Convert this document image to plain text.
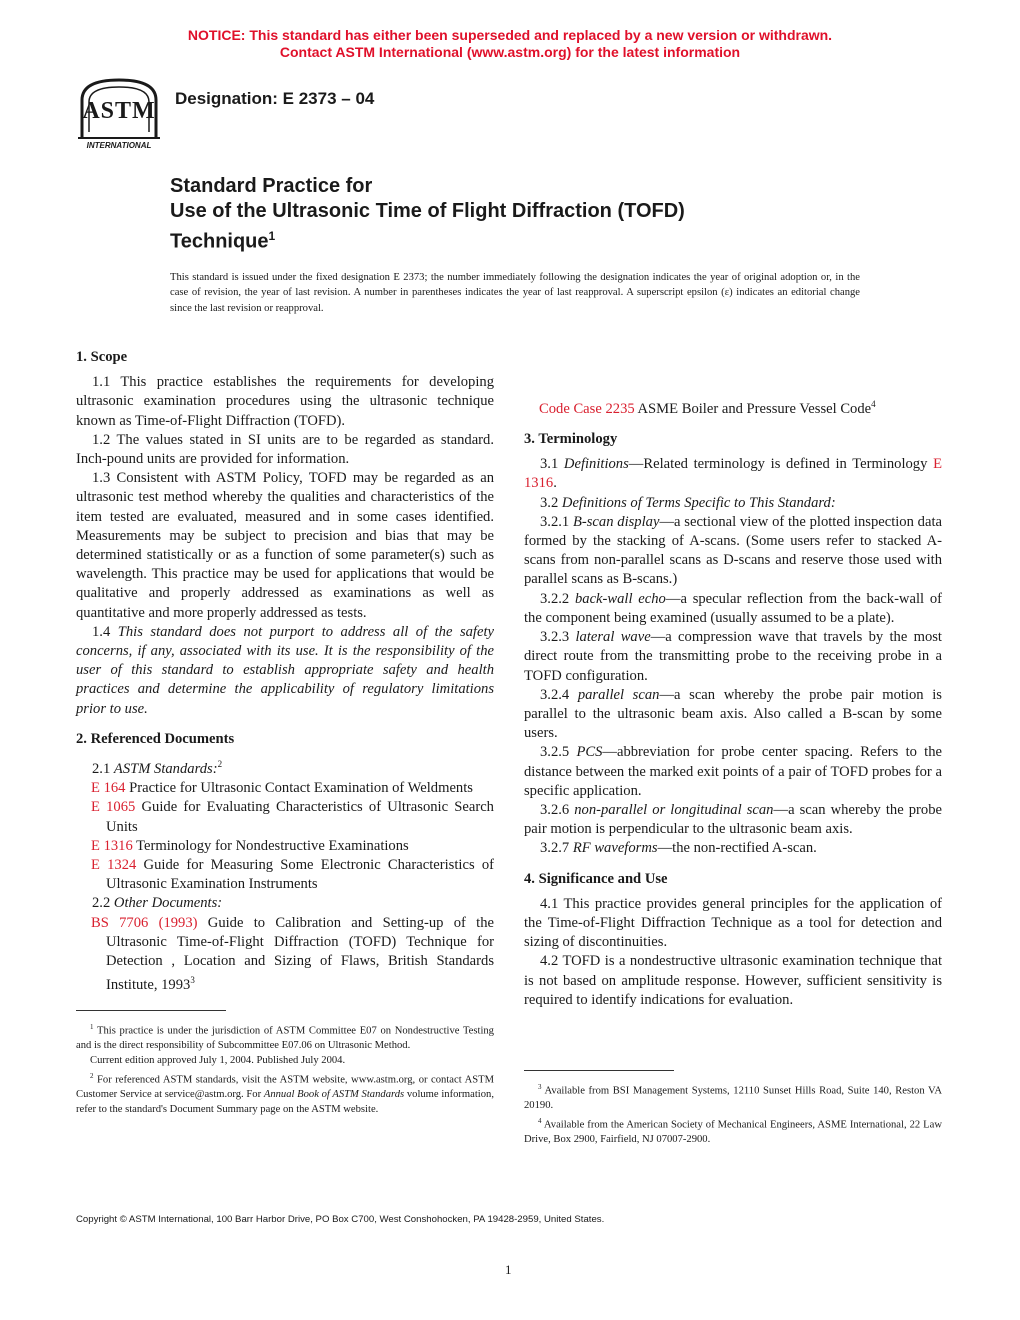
NOTICE: This standard has either been superseded and replaced by a new version or withdrawn.
Contact ASTM International (www.astm.org) for the latest information
ASTM
INTERNATIONAL
Designation: E 2373 – 04
Standard Practice for
Use of the Ultrasonic Time of Flight Diffraction (TOFD)
Technique$^1$
This standard is issued under the fixed designation E 2373; the number immediately following the designation indicates the year of original adoption or, in the case of revision, the year of last revision. A number in parentheses indicates the year of last reapproval. A superscript epsilon (ε) indicates an editorial change since the last revision or reapproval.
1. Scope

1.1 This practice establishes the requirements for developing ultrasonic examination procedures using the ultrasonic technique known as Time-of-Flight Diffraction (TOFD).

1.2 The values stated in SI units are to be regarded as standard. Inch-pound units are provided for information.

1.3 Consistent with ASTM Policy, TOFD may be regarded as an ultrasonic test method whereby the qualities and characteristics of the item tested are evaluated, measured and in some cases identified. Measurements may be subject to precision and bias that may be determined statistically or as a function of some parameter(s) such as wavelength. This practice may be used for applications that would be qualitative and properly addressed as examinations as well as quantitative and more properly addressed as tests.

1.4 This standard does not purport to address all of the safety concerns, if any, associated with its use. It is the responsibility of the user of this standard to establish appropriate safety and health practices and determine the applicability of regulatory limitations prior to use.

2. Referenced Documents

2.1 ASTM Standards:$^2$

E 164 Practice for Ultrasonic Contact Examination of Weldments

E 1065 Guide for Evaluating Characteristics of Ultrasonic Search Units

E 1316 Terminology for Nondestructive Examinations

E 1324 Guide for Measuring Some Electronic Characteristics of Ultrasonic Examination Instruments

2.2 Other Documents:

BS 7706 (1993) Guide to Calibration and Setting-up of the Ultrasonic Time-of-Flight Diffraction (TOFD) Technique for Detection , Location and Sizing of Flaws, British Standards Institute, 1993$^3$

$^1$ This practice is under the jurisdiction of ASTM Committee E07 on Nondestructive Testing and is the direct responsibility of Subcommittee E07.06 on Ultrasonic Method.

Current edition approved July 1, 2004. Published July 2004.

$^2$ For referenced ASTM standards, visit the ASTM website, www.astm.org, or contact ASTM Customer Service at service@astm.org. For Annual Book of ASTM Standards volume information, refer to the standard's Document Summary page on the ASTM website.

Code Case 2235 ASME Boiler and Pressure Vessel Code$^4$

3. Terminology

3.1 Definitions—Related terminology is defined in Terminology E 1316.

3.2 Definitions of Terms Specific to This Standard:

3.2.1 B-scan display—a sectional view of the plotted inspection data formed by the stacking of A-scans. (Some users refer to stacked A-scans from non-parallel scans as D-scans and reserve those used with parallel scans as B-scans.)

3.2.2 back-wall echo—a specular reflection from the back-wall of the component being examined (usually assumed to be a plate).

3.2.3 lateral wave—a compression wave that travels by the most direct route from the transmitting probe to the receiving probe in a TOFD configuration.

3.2.4 parallel scan—a scan whereby the probe pair motion is parallel to the ultrasonic beam axis. Also called a B-scan by some users.

3.2.5 PCS—abbreviation for probe center spacing. Refers to the distance between the marked exit points of a pair of TOFD probes for a specific application.

3.2.6 non-parallel or longitudinal scan—a scan whereby the probe pair motion is perpendicular to the ultrasonic beam axis.

3.2.7 RF waveforms—the non-rectified A-scan.

4. Significance and Use

4.1 This practice provides general principles for the application of the Time-of-Flight Diffraction Technique as a tool for detection and sizing of discontinuities.

4.2 TOFD is a nondestructive ultrasonic examination technique that is not based on amplitude response. However, sufficient sensitivity is required to identify indications for evaluation.

$^3$ Available from BSI Management Systems, 12110 Sunset Hills Road, Suite 140, Reston VA 20190.

$^4$ Available from the American Society of Mechanical Engineers, ASME International, 22 Law Drive, Box 2900, Fairfield, NJ 07007-2900.

Copyright © ASTM International, 100 Barr Harbor Drive, PO Box C700, West Conshohocken, PA 19428-2959, United States.
1
